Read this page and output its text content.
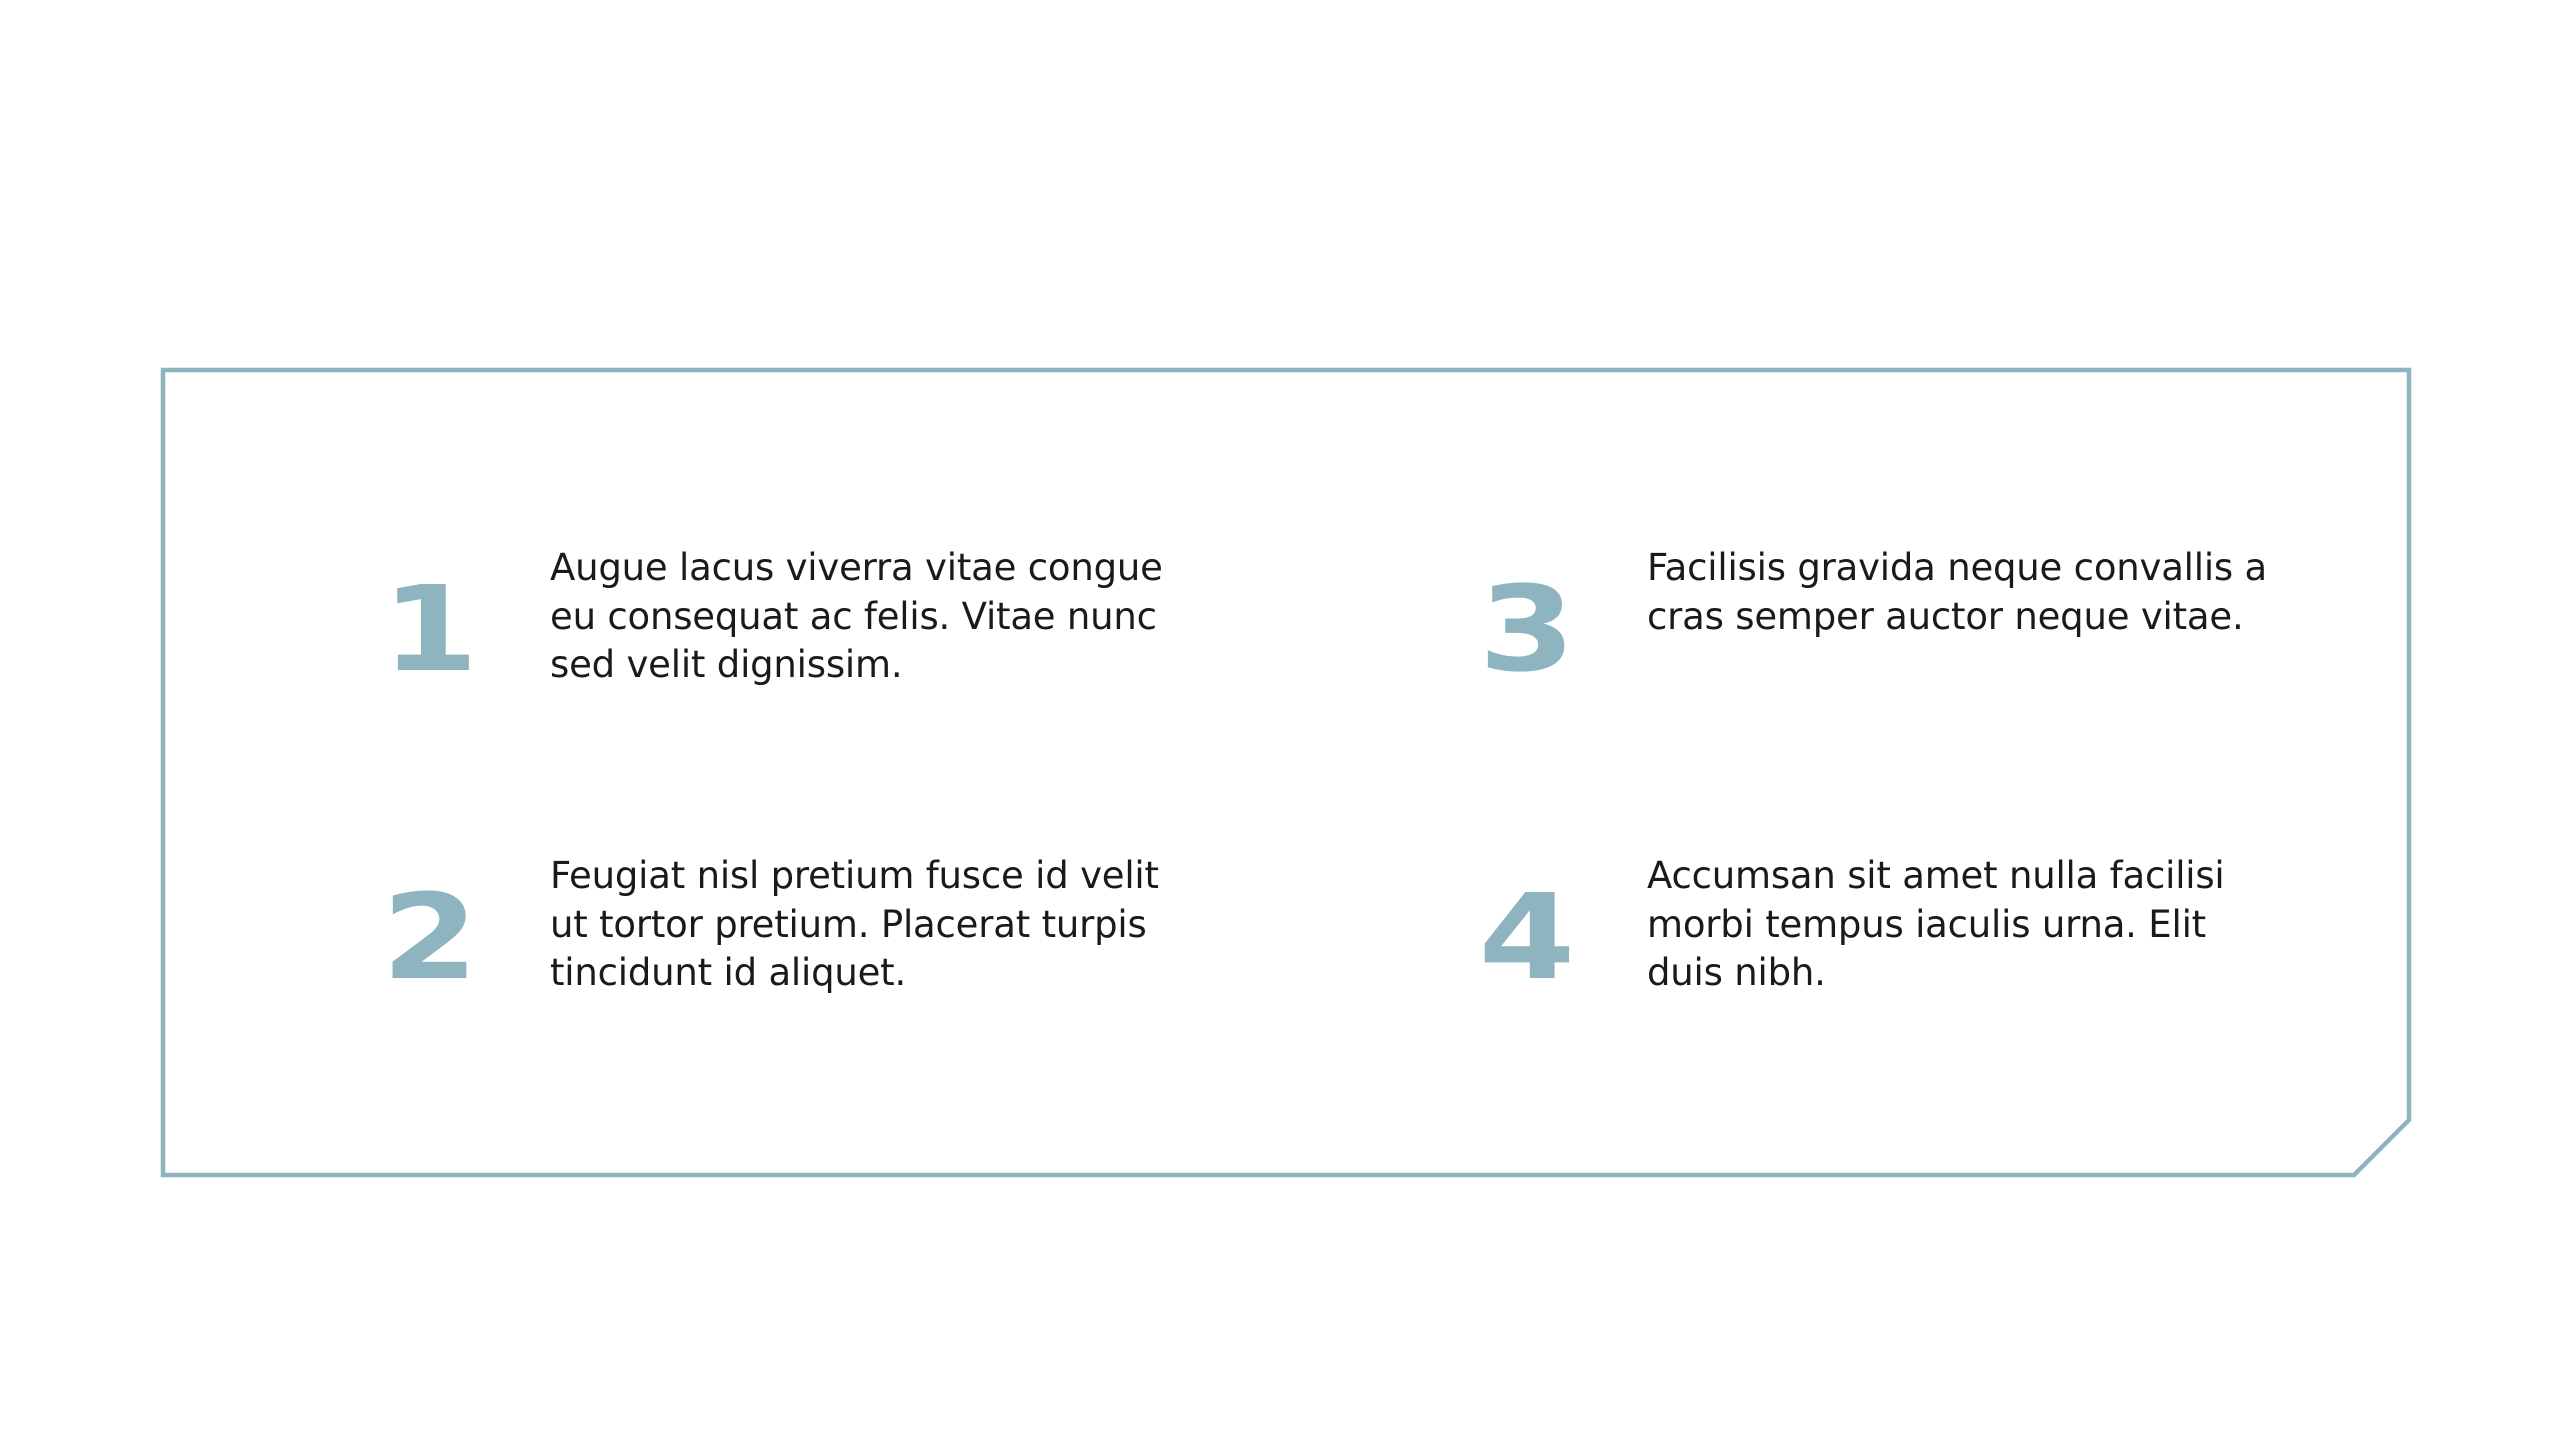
1	Augue lacus viverra vitae congue eu consequat ac felis. Vitae nunc sed velit dignissim.
2	Feugiat nisl pretium fusce id velit ut tortor pretium. Placerat turpis tincidunt id aliquet.
3	Facilisis gravida neque convallis a cras semper auctor neque vitae.
4	Accumsan sit amet nulla facilisi morbi tempus iaculis urna. Elit duis nibh.
